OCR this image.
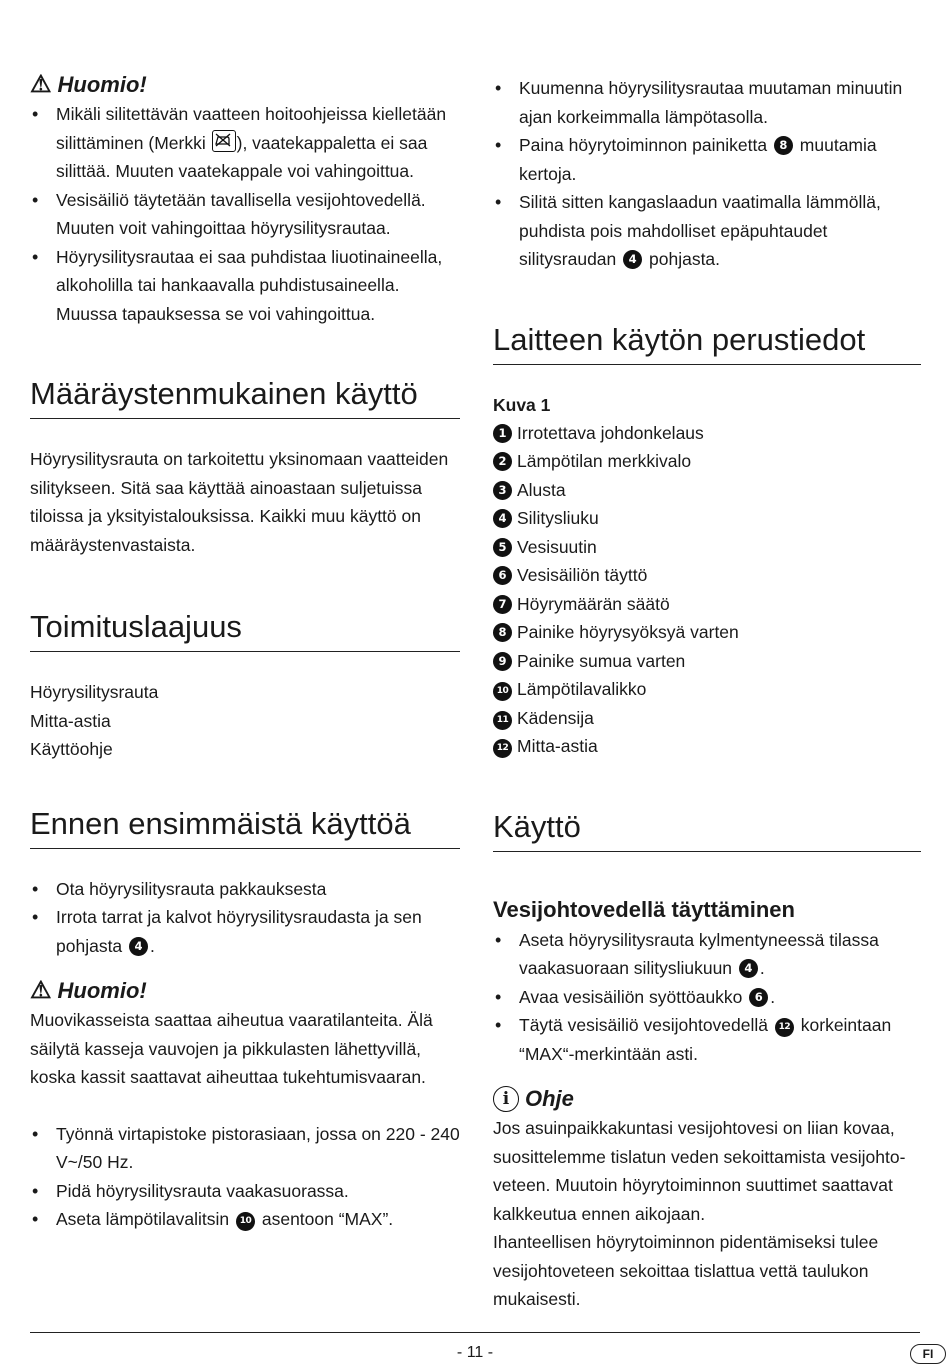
⚠ Huomio!
• Mikäli silitettävän vaatteen hoitoohjeissa kielletään silittäminen (Merkki
), vaatekappaletta ei saa silittää. Muuten vaatekappale voi vahingoittua.
• Vesisäiliö täytetään tavallisella vesijohtovedellä. Muuten voit vahingoittaa höyrysilitysrautaa.
• Höyrysilitysrautaa ei saa puhdistaa liuotinaineella, alkoholilla tai hankaavalla puhdistusaineella. Muussa tapauksessa se voi vahingoittua.
Määräystenmukainen käyttö

Höyrysilitysrauta on tarkoitettu yksinomaan vaatteiden silitykseen. Sitä saa käyttää ainoastaan suljetuissa tiloissa ja yksityistalouksissa. Kaikki muu käyttö on määräystenvastaista.

Toimituslaajuus
Höyrysilitysrauta
Mitta-astia
Käyttöohje
Ennen ensimmäistä käyttöä
• Ota höyrysilitysrauta pakkauksesta
• Irrota tarrat ja kalvot höyrysilitysraudasta ja sen pohjasta 4 .
⚠ Huomio!

Muovikasseista saattaa aiheutua vaaratilanteita. Älä säilytä kasseja vauvojen ja pikkulasten lähettyvillä, koska kassit saattavat aiheuttaa tukehtumisvaaran.

• Työnnä virtapistoke pistorasiaan, jossa on 220 - 240 V~/50 Hz.
• Pidä höyrysilitysrauta vaakasuorassa.
• Aseta lämpötilavalitsin 10 asentoon “MAX”.
• Kuumenna höyrysilitysrautaa muutaman minuutin ajan korkeimmalla lämpötasolla.
• Paina höyrytoiminnon painiketta 8 muutamia kertoja.
• Silitä sitten kangaslaadun vaatimalla lämmöllä, puhdista pois mahdolliset epäpuhtaudet silitysraudan 4 pohjasta.
Laitteen käytön perustiedot
Kuva 1
1 Irrotettava johdonkelaus
2 Lämpötilan merkkivalo
3 Alusta
4 Silitysliuku
5 Vesisuutin
6 Vesisäiliön täyttö
7 Höyrymäärän säätö
8 Painike höyrysyöksyä varten
9 Painike sumua varten
10 Lämpötilavalikko
11 Kädensija
12 Mitta-astia
Käyttö
Vesijohtovedellä täyttäminen
• Aseta höyrysilitysrauta kylmentyneessä tilassa vaakasuoraan silitysliukuun 4 .
• Avaa vesisäiliön syöttöaukko 6 .
• Täytä vesisäiliö vesijohtovedellä 12 korkeintaan “MAX“-merkintään asti.
i Ohje

Jos asuinpaikkakuntasi vesijohtovesi on liian kovaa, suosittelemme tislatun veden sekoittamista vesijohtoveteen. Muutoin höyrytoiminnon suuttimet saattavat kalkkeutua ennen aikojaan.

Ihanteellisen höyrytoiminnon pidentämiseksi tulee vesijohtoveteen sekoittaa tislattua vettä taulukon mukaisesti.

- 11 -	FI
